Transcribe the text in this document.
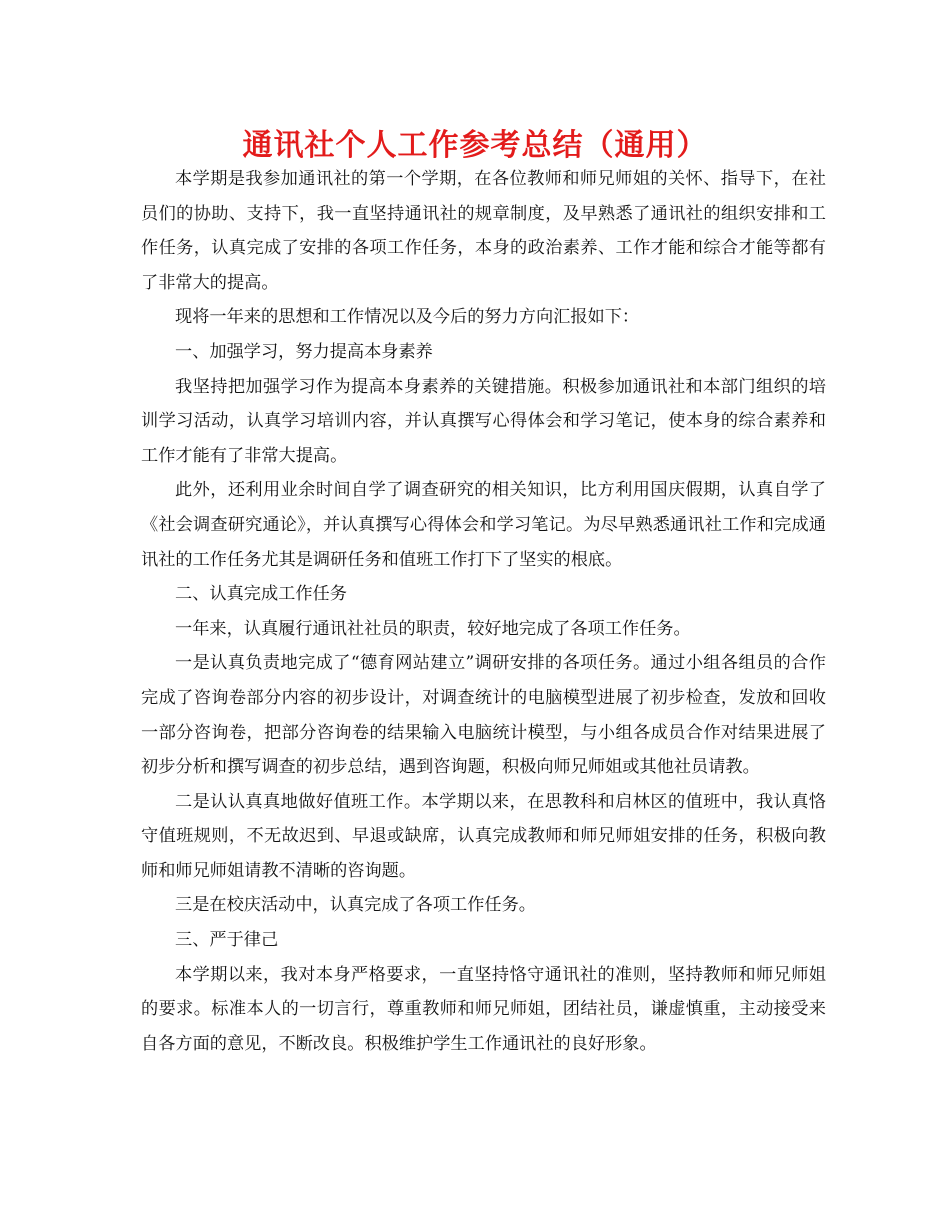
通讯社个人工作参考总结（通用）

本学期是我参加通讯社的第一个学期，在各位教师和师兄师姐的关怀、指导下，在社员们的协助、支持下，我一直坚持通讯社的规章制度，及早熟悉了通讯社的组织安排和工作任务，认真完成了安排的各项工作任务，本身的政治素养、工作才能和综合才能等都有了非常大的提高。

现将一年来的思想和工作情况以及今后的努力方向汇报如下：

一、加强学习，努力提高本身素养

我坚持把加强学习作为提高本身素养的关键措施。积极参加通讯社和本部门组织的培训学习活动，认真学习培训内容，并认真撰写心得体会和学习笔记，使本身的综合素养和工作才能有了非常大提高。

此外，还利用业余时间自学了调查研究的相关知识，比方利用国庆假期，认真自学了《社会调查研究通论》，并认真撰写心得体会和学习笔记。为尽早熟悉通讯社工作和完成通讯社的工作任务尤其是调研任务和值班工作打下了坚实的根底。

二、认真完成工作任务

一年来，认真履行通讯社社员的职责，较好地完成了各项工作任务。

一是认真负责地完成了“德育网站建立”调研安排的各项任务。通过小组各组员的合作完成了咨询卷部分内容的初步设计，对调查统计的电脑模型进展了初步检查，发放和回收一部分咨询卷，把部分咨询卷的结果输入电脑统计模型，与小组各成员合作对结果进展了初步分析和撰写调查的初步总结，遇到咨询题，积极向师兄师姐或其他社员请教。

二是认认真真地做好值班工作。本学期以来，在思教科和启林区的值班中，我认真恪守值班规则，不无故迟到、早退或缺席，认真完成教师和师兄师姐安排的任务，积极向教师和师兄师姐请教不清晰的咨询题。

三是在校庆活动中，认真完成了各项工作任务。

三、严于律己

本学期以来，我对本身严格要求，一直坚持恪守通讯社的准则，坚持教师和师兄师姐的要求。标准本人的一切言行，尊重教师和师兄师姐，团结社员，谦虚慎重，主动接受来自各方面的意见，不断改良。积极维护学生工作通讯社的良好形象。
